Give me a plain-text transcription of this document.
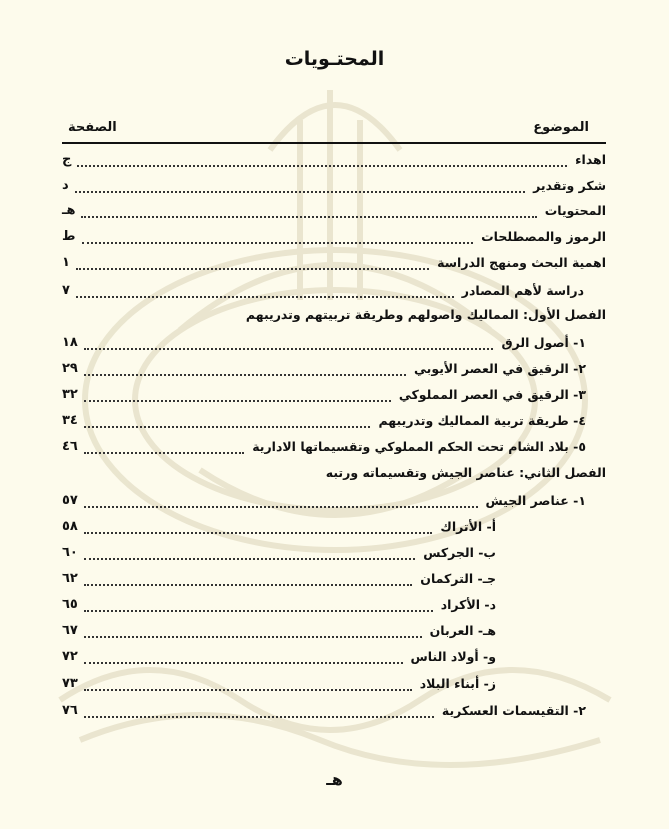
المحتـويات
الموضوع
الصفحة
اهداء
ج
شكر وتقدير
د
المحتويات
هـ
الرموز والمصطلحات
ط
اهمية البحث ومنهج الدراسة
١
دراسة لأهم المصادر
٧
الفصل الأول: المماليك واصولهم وطريقة تربيتهم وتدريبهم
١- أصول الرق
١٨
٢- الرقيق في العصر الأيوبي
٢٩
٣- الرقيق في العصر المملوكي
٣٢
٤- طريقة تربية المماليك وتدريبهم
٣٤
٥- بلاد الشام تحت الحكم المملوكي وتقسيماتها الادارية
٤٦
الفصل الثاني: عناصر الجيش وتقسيماته ورتبه
١- عناصر الجيش
٥٧
أ- الأتراك
٥٨
ب- الجركس
٦٠
جـ- التركمان
٦٢
د- الأكراد
٦٥
هـ- العربان
٦٧
و- أولاد الناس
٧٢
ز- أبناء البلاد
٧٣
٢- التقيسمات العسكرية
٧٦
هـ
